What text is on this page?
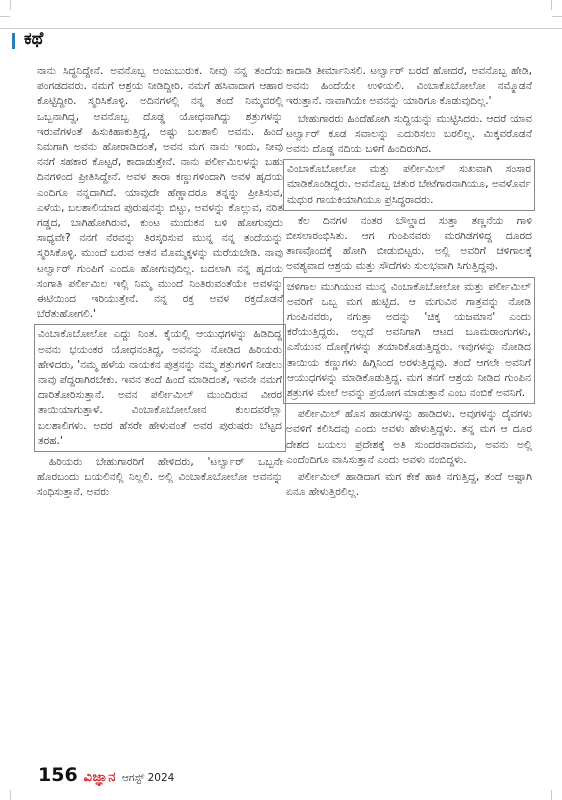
ಕಥೆ

ನಾನು ಸಿದ್ಧನಿದ್ದೇನೆ. ಅವನೊಬ್ಬ ಅಂಜುಬುರುಕ. ನೀವು ನನ್ನ ತಂದೆಯ ಪಂಗಡದವರು. ನಮಗೆ ಆಶ್ರಯ ನೀಡಿದ್ದೀರಿ. ನಮಗೆ ಹಸಿವಾದಾಗ ಆಹಾರ ಕೊಟ್ಟಿದ್ದೀರಿ. ಸ್ಮರಿಸಿಕೊಳ್ಳಿ. ಅದಿನಗಳಲ್ಲಿ ನನ್ನ ತಂದೆ ನಿಮ್ಮವರಲ್ಲಿ ಒಬ್ಬನಾಗಿದ್ದ, ಅವನೊಬ್ಬ ದೊಡ್ಡ ಯೋಧನಾಗಿದ್ದು ಶತ್ರುಗಳನ್ನು ಇರುವೆಗಳಂತೆ ಹಿಸುಕಿಹಾಕುತ್ತಿದ್ದ, ಅಷ್ಟು ಬಲಶಾಲಿ ಅವನು. ಹಿಂದೆ ನಿಮಗಾಗಿ ಅವನು ಹೋರಾಡಿದಂತೆ, ಅವನ ಮಗ ನಾನು ಇಂದು, ನೀವು ನನಗೆ ಸಹಕಾರ ಕೊಟ್ಟರೆ, ಕಾದಾಡುತ್ತೇನೆ. ನಾನು ಪರ್ಲೀಮಿಲಳನ್ನು ಬಹು ದಿನಗಳಿಂದ ಪ್ರೀತಿಸಿದ್ದೇನೆ. ಅವಳ ತಾರಾ ಕಣ್ಣುಗಳಿಂದಾಗಿ ಅವಳ ಹೃದಯ ಎಂದಿಗೂ ನನ್ನದಾಗಿದೆ. ಯಾವುದೇ ಹೆಣ್ಣಾದರೂ ತನ್ನನ್ನು ಪ್ರೀತಿಸುವ, ಎಳೆಯ, ಬಲಶಾಲಿಯಾದ ಪುರುಷನನ್ನು ಬಿಟ್ಟು, ಅವಳನ್ನು ಕೊಲ್ಲುವ, ನರಿತ ಗಡ್ಡದ, ಬಾಗಿಹೋಗಿರುವ, ಕುಂಟ ಮುದುಕನ ಬಳಿ ಹೋಗುವುದು ಸಾಧ್ಯವೇ? ನನಗೆ ನೆರವನ್ನು ತಿರಸ್ಕರಿಸುವ ಮುನ್ನ ನನ್ನ ತಂದೆಯನ್ನು ಸ್ಮರಿಸಿಕೊಳ್ಳಿ. ಮುಂದೆ ಬರುವ ಆತನ ಮೊಮ್ಮಕ್ಕಳನ್ನು ಮರೆಯಬೇಡಿ. ನಾವು ಟರ್ಲ್ವಾರ್ ಗುಂಪಿಗೆ ಎಂದೂ ಹೋಗುವುದಿಲ್ಲ. ಬದಲಾಗಿ ನನ್ನ ಹೃದಯ ಸಂಗಾತಿ ಪರ್ಲೀಮಿಲ ಇಲ್ಲಿ ನಿಮ್ಮ ಮುಂದೆ ನಿಂತಿರುವಂತೆಯೇ ಅವಳನ್ನು ಈಟಿಯಿಂದ ಇರಿಯುತ್ತೇನೆ. ನನ್ನ ರಕ್ತ ಅವಳ ರಕ್ತದೊಡನೆ ಬೆರೆತುಹೋಗಲಿ.'

ವಿಂಬಾಕೊಬೋಲೋ ಎದ್ದು ನಿಂತ. ಕೈಯಲ್ಲಿ ಆಯುಧಗಳನ್ನು ಹಿಡಿದಿದ್ದ ಅವನು ಭಯಂಕರ ಯೋಧನಂತಿದ್ದ, ಅವನನ್ನು ನೋಡಿದ ಹಿರಿಯರು ಹೇಳಿದರು, 'ನಮ್ಮ ಹಳೆಯ ನಾಯಕನ ಪುತ್ರನನ್ನು ನಮ್ಮ ಶತ್ರುಗಳಿಗೆ ನೀಡಲು ನಾವು ಪೆದ್ದರಾಗಿರಬೇಕು. ಇವನ ತಂದೆ ಹಿಂದೆ ಮಾಡಿದಂತೆ, ಇವನೇ ನಮಗೆ ದಾರಿತೋರಿಸುತ್ತಾನೆ. ಅವನ ಪರ್ಲೀಮಿಲ್ ಮುಂದಿರುವ ವೀರರ ತಾಯಿಯಾಗುತ್ತಾಳೆ. ವಿಂಬಾಕೊಬೋಲೋನ ಕುಲದವರೆಲ್ಲಾ ಬಲಶಾಲಿಗಳು. ಅದರ ಹೆಸರೇ ಹೇಳುವಂತೆ ಅವರ ಪುರುಷರು ಬೆಟ್ಟದ ತರಹ.'

ಹಿರಿಯರು ಬೇಹುಗಾರರಿಗೆ ಹೇಳಿದರು, 'ಟರ್ಲ್ವಾರ್ ಒಬ್ಬನೇ ಹೊರಬಂದು ಬಯಲಿನಲ್ಲಿ ನಿಲ್ಲಲಿ. ಅಲ್ಲಿ ವಿಂಬಾಕೊಬೋಲೋ ಅವನನ್ನು ಸಂಧಿಸುತ್ತಾನೆ. ಅವರು

ಕಾದಾಡಿ ತೀರ್ಮಾನಿಸಲಿ. ಟರ್ಲ್ವಾರ್ ಬರದೆ ಹೋದರೆ, ಅವನೊಬ್ಬ ಹೇಡಿ, ಅವನು ಹಿಂದೆಯೇ ಉಳಿಯಲಿ. ವಿಂಬಾಕೊಬೋಲೋ ನಮ್ಮೊಡನೆ ಇರುತ್ತಾನೆ. ನಾವಾಗಿಯೇ ಅವನನ್ನು ಯಾರಿಗೂ ಕೊಡುವುದಿಲ್ಲ.'

ಬೇಹುಗಾರರು ಹಿಂದೆಹೋಗಿ ಸುದ್ದಿಯನ್ನು ಮುಟ್ಟಿಸಿದರು. ಆದರೆ ಯಾವ ಟರ್ಲ್ವಾರ್ ಕೂಡ ಸವಾಲನ್ನು ಎದುರಿಸಲು ಬರಲಿಲ್ಲ. ಮಿಕ್ಕವರೊಡನೆ ಅವನು ದೊಡ್ಡ ನದಿಯ ಬಳಿಗೆ ಹಿಂದಿರುಗಿದ.

ವಿಂಬಾಕೊಬೋಲೋ ಮತ್ತು ಪರ್ಲೀಮಿಲ್ ಸುಖವಾಗಿ ಸಂಸಾರ ಮಾಡಿಕೊಂಡಿದ್ದರು. ಅವನೊಬ್ಬ ಚತುರ ಬೇಟೆಗಾರನಾಗಿಯೂ, ಅವಳೊರ್ವ ಮಧುರ ಗಾಯಕಿಯಾಗಿಯೂ ಪ್ರಸಿದ್ಧರಾದರು.

ಕೆಲ ದಿನಗಳ ನಂತರ ಬೌಲ್ಡಾದ ಸುತ್ತಾ ತಣ್ಣನೆಯ ಗಾಳಿ ಬೀಸಲಾರಂಭಿಸಿತು. ಆಗ ಗುಂಪಿನವರು ಮರಗಿಡಗಳಿದ್ದ ದೂರದ ತಾಣವೊಂದಕ್ಕೆ ಹೋಗಿ ಬೀಡುಬಿಟ್ಟರು. ಅಲ್ಲಿ ಅವರಿಗೆ ಚಳಿಗಾಲಕ್ಕೆ ಅವಶ್ಯವಾದ ಆಶ್ರಯ ಮತ್ತು ಸೌದೆಗಳು ಸುಲಭವಾಗಿ ಸಿಗುತ್ತಿದ್ದವು.

ಚಳಿಗಾಲ ಮುಗಿಯುವ ಮುನ್ನ ವಿಂಬಾಕೊಬೋಲೋ ಮತ್ತು ಪರ್ಲೀಮಿಲ್ ಅವರಿಗೆ ಒಬ್ಬ ಮಗ ಹುಟ್ಟಿದ. ಆ ಮಗುವಿನ ಗಾತ್ರವನ್ನು ನೋಡಿ ಗುಂಪಿನವರು, ನಗುತ್ತಾ ಅದನ್ನು 'ಚಿಕ್ಕ ಯಜಮಾನ' ಎಂದು ಕರೆಯುತ್ತಿದ್ದರು. ಅಲ್ಲದೆ ಅವನಿಗಾಗಿ ಆಟದ ಬೂಮರಾಂಗುಗಳು, ಎಸೆಯುವ ದೊಣ್ಣೆಗಳನ್ನು ತಯಾರಿಕೊಡುತ್ತಿದ್ದರು. ಇವುಗಳನ್ನು ನೋಡಿದ ತಾಯಿಯ ಕಣ್ಣುಗಳು ಹಿಗ್ಗಿನಿಂದ ಅರಳುತ್ತಿದ್ದವು. ತಂದೆ ಆಗಲೇ ಅವನಿಗೆ ಆಯುಧಗಳನ್ನು ಮಾಡಿಕೊಡುತ್ತಿದ್ದ. ಮಗ ತನಗೆ ಆಶ್ರಯ ನೀಡಿದ ಗುಂಪಿನ ಶತ್ರುಗಳ ಮೇಲೆ ಅವನ್ನು ಪ್ರಯೋಗ ಮಾಡುತ್ತಾನೆ ಎಂಬ ನಂಬಿಕೆ ಅವನಿಗೆ.

ಪರ್ಲೀಮಿಲ್ ಹೊಸ ಹಾಡುಗಳನ್ನು ಹಾಡಿದಳು. ಅವುಗಳನ್ನು ದೈವಗಳು ಅವಳಿಗೆ ಕಲಿಸಿದವು ಎಂದು ಅವಳು ಹೇಳುತ್ತಿದ್ದಳು. ತನ್ನ ಮಗ ಆ ದೂರ ದೇಶದ ಬಯಲು ಪ್ರದೇಶಕ್ಕೆ ಅತಿ ಸುಂದರನಾದವನು, ಅವನು ಅಲ್ಲಿ ಎಂದೆಂದಿಗೂ ವಾಸಿಸುತ್ತಾನೆ ಎಂದು ಅವಳು ನಂಬಿದ್ದಳು.

ಪರ್ಲೀಮಿಲ್ ಹಾಡಿದಾಗ ಮಗ ಕೇಕೆ ಹಾಕಿ ನಗುತ್ತಿದ್ದ, ತಂದೆ ಅಷ್ಟಾಗಿ ಏನೂ ಹೇಳುತ್ತಿರಲಿಲ್ಲ.

156 ವಿಜ್ಞಾನ ಆಗಸ್ಟ್ 2024
